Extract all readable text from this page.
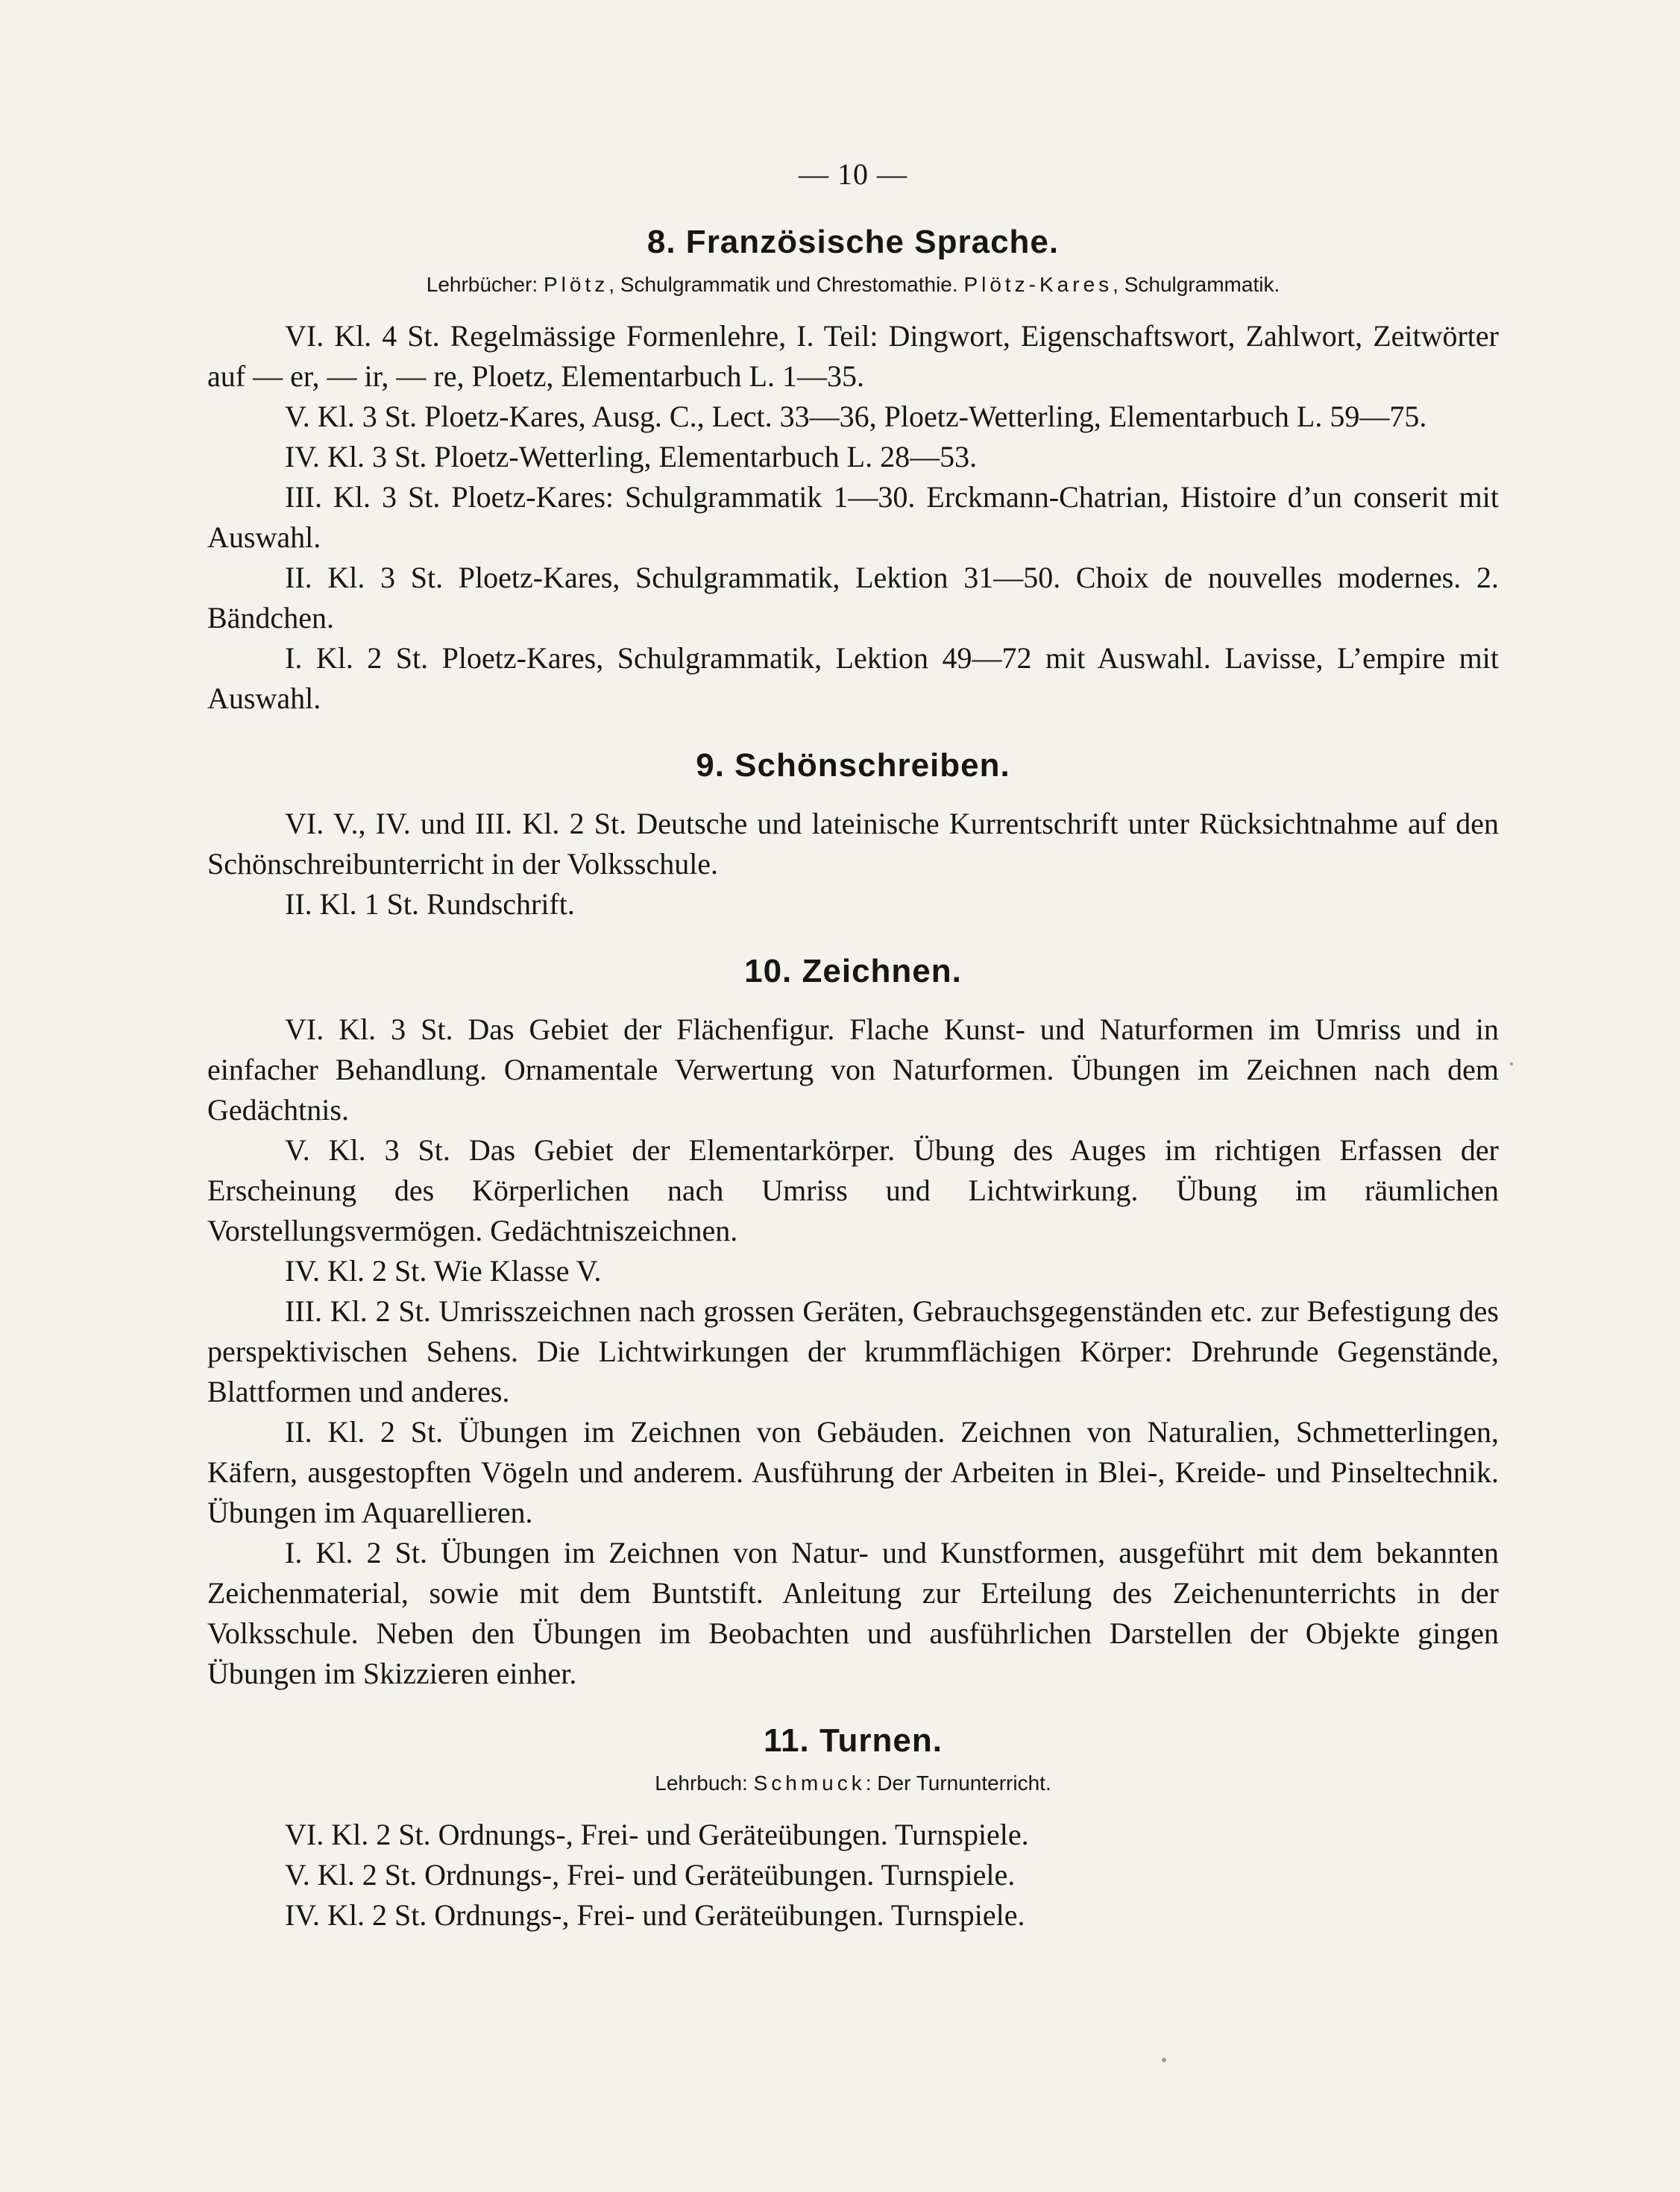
— 10 —
8. Französische Sprache.
Lehrbücher: Plötz, Schulgrammatik und Chrestomathie. Plötz-Kares, Schulgrammatik.

VI. Kl. 4 St. Regelmässige Formenlehre, I. Teil: Dingwort, Eigenschaftswort, Zahlwort, Zeitwörter auf — er, — ir, — re, Ploetz, Elementarbuch L. 1—35.

V. Kl. 3 St. Ploetz-Kares, Ausg. C., Lect. 33—36, Ploetz-Wetterling, Elementarbuch L. 59—75.

IV. Kl. 3 St. Ploetz-Wetterling, Elementarbuch L. 28—53.

III. Kl. 3 St. Ploetz-Kares: Schulgrammatik 1—30. Erckmann-Chatrian, Histoire d’un conserit mit Auswahl.

II. Kl. 3 St. Ploetz-Kares, Schulgrammatik, Lektion 31—50. Choix de nouvelles modernes. 2. Bändchen.

I. Kl. 2 St. Ploetz-Kares, Schulgrammatik, Lektion 49—72 mit Auswahl. Lavisse, L’empire mit Auswahl.

9. Schönschreiben.

VI. V., IV. und III. Kl. 2 St. Deutsche und lateinische Kurrentschrift unter Rücksichtnahme auf den Schönschreibunterricht in der Volksschule.

II. Kl. 1 St. Rundschrift.

10. Zeichnen.

VI. Kl. 3 St. Das Gebiet der Flächenfigur. Flache Kunst- und Naturformen im Umriss und in einfacher Behandlung. Ornamentale Verwertung von Naturformen. Übungen im Zeichnen nach dem Gedächtnis.

V. Kl. 3 St. Das Gebiet der Elementarkörper. Übung des Auges im richtigen Erfassen der Erscheinung des Körperlichen nach Umriss und Lichtwirkung. Übung im räumlichen Vorstellungsvermögen. Gedächtniszeichnen.

IV. Kl. 2 St. Wie Klasse V.

III. Kl. 2 St. Umrisszeichnen nach grossen Geräten, Gebrauchsgegenständen etc. zur Befestigung des perspektivischen Sehens. Die Lichtwirkungen der krummflächigen Körper: Drehrunde Gegenstände, Blattformen und anderes.

II. Kl. 2 St. Übungen im Zeichnen von Gebäuden. Zeichnen von Naturalien, Schmetterlingen, Käfern, ausgestopften Vögeln und anderem. Ausführung der Arbeiten in Blei-, Kreide- und Pinseltechnik. Übungen im Aquarellieren.

I. Kl. 2 St. Übungen im Zeichnen von Natur- und Kunstformen, ausgeführt mit dem bekannten Zeichenmaterial, sowie mit dem Buntstift. Anleitung zur Erteilung des Zeichenunterrichts in der Volksschule. Neben den Übungen im Beobachten und ausführlichen Darstellen der Objekte gingen Übungen im Skizzieren einher.

11. Turnen.
Lehrbuch: Schmuck: Der Turnunterricht.

VI. Kl. 2 St. Ordnungs-, Frei- und Geräteübungen. Turnspiele.

V. Kl. 2 St. Ordnungs-, Frei- und Geräteübungen. Turnspiele.

IV. Kl. 2 St. Ordnungs-, Frei- und Geräteübungen. Turnspiele.
